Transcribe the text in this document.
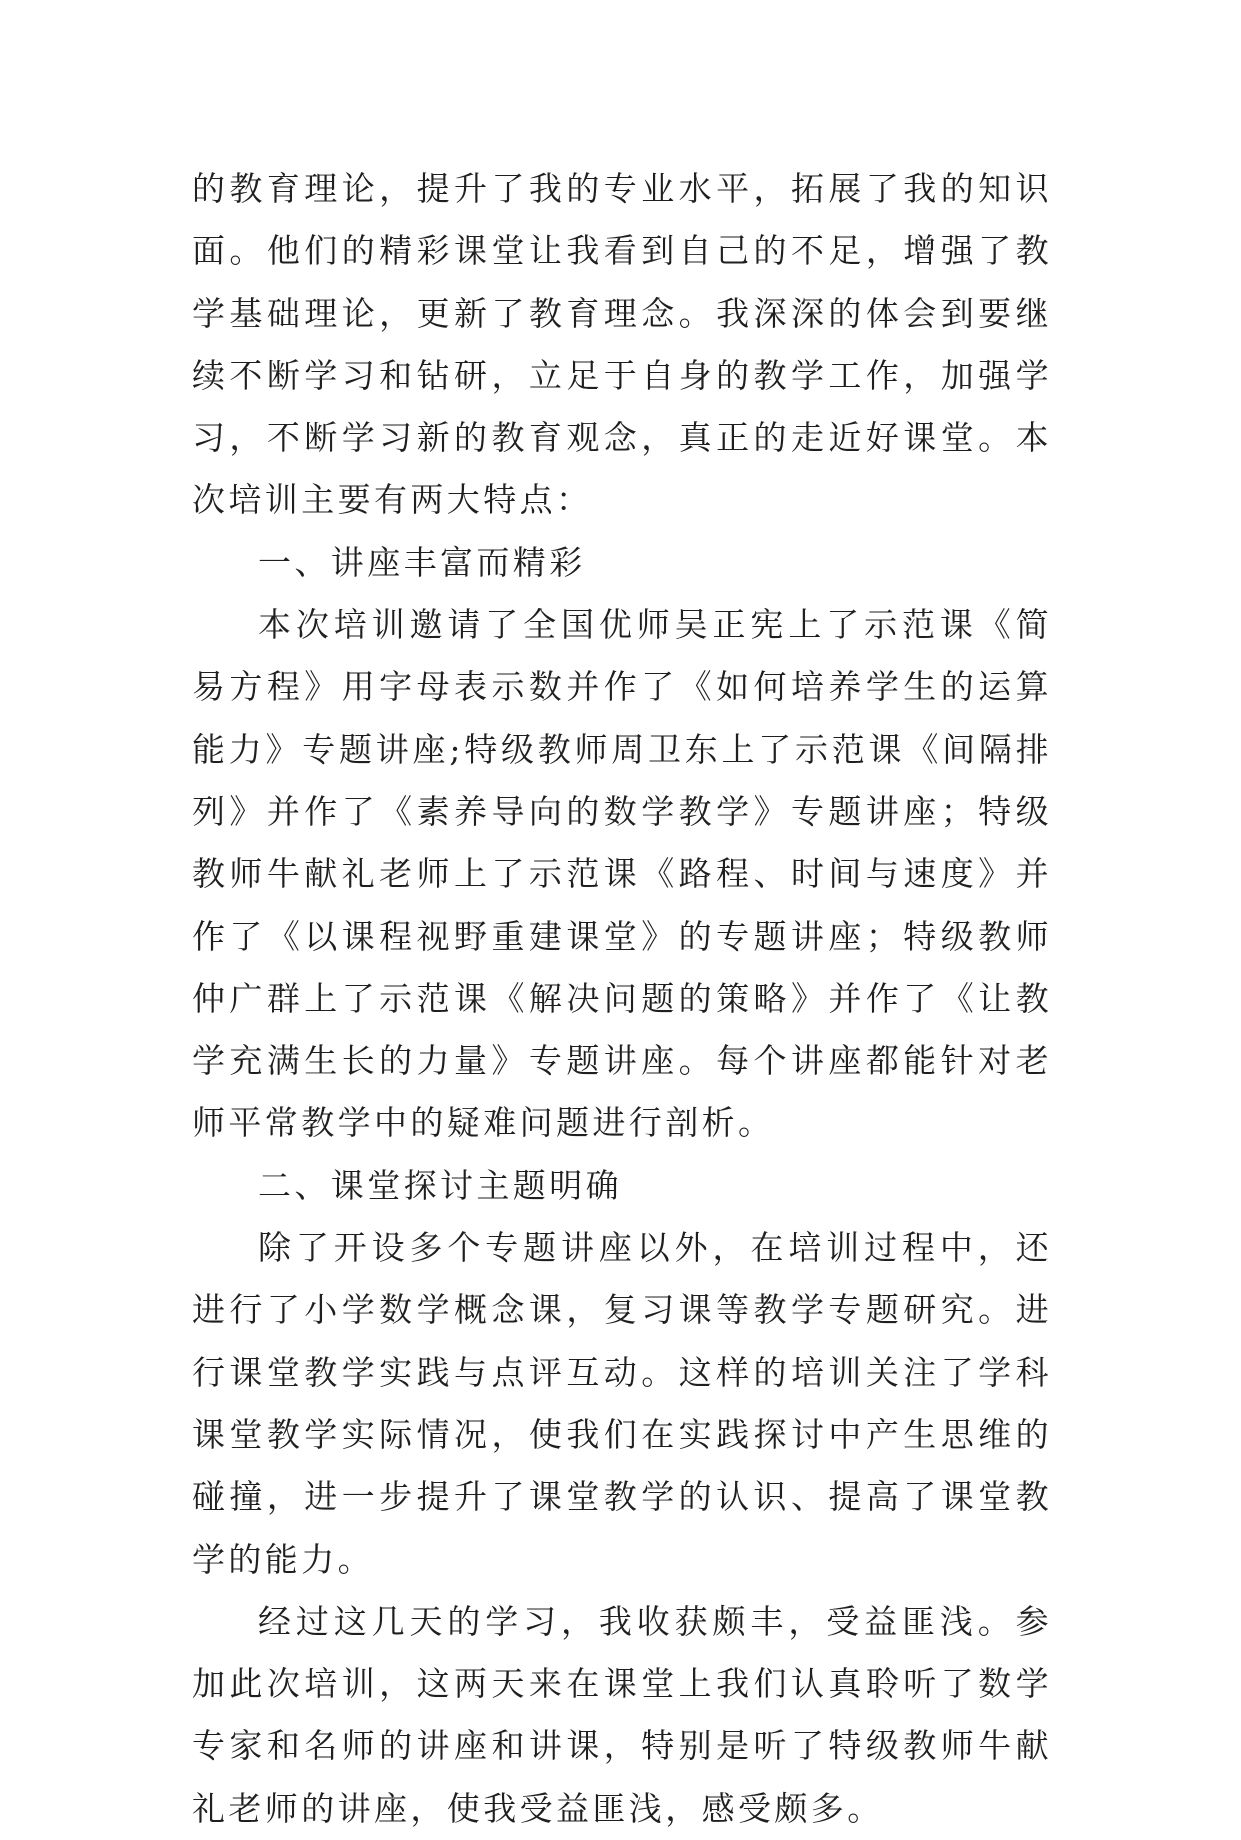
的教育理论，提升了我的专业水平，拓展了我的知识面。他们的精彩课堂让我看到自己的不足，增强了教学基础理论，更新了教育理念。我深深的体会到要继续不断学习和钻研，立足于自身的教学工作，加强学习，不断学习新的教育观念，真正的走近好课堂。本次培训主要有两大特点：

一、讲座丰富而精彩

本次培训邀请了全国优师吴正宪上了示范课《简易方程》用字母表示数并作了《如何培养学生的运算能力》专题讲座;特级教师周卫东上了示范课《间隔排列》并作了《素养导向的数学教学》专题讲座；特级教师牛献礼老师上了示范课《路程、时间与速度》并作了《以课程视野重建课堂》的专题讲座；特级教师仲广群上了示范课《解决问题的策略》并作了《让教学充满生长的力量》专题讲座。每个讲座都能针对老师平常教学中的疑难问题进行剖析。

二、课堂探讨主题明确

除了开设多个专题讲座以外，在培训过程中，还进行了小学数学概念课，复习课等教学专题研究。进行课堂教学实践与点评互动。这样的培训关注了学科课堂教学实际情况，使我们在实践探讨中产生思维的碰撞，进一步提升了课堂教学的认识、提高了课堂教学的能力。

经过这几天的学习，我收获颇丰，受益匪浅。参加此次培训，这两天来在课堂上我们认真聆听了数学专家和名师的讲座和讲课，特别是听了特级教师牛献礼老师的讲座，使我受益匪浅，感受颇多。
